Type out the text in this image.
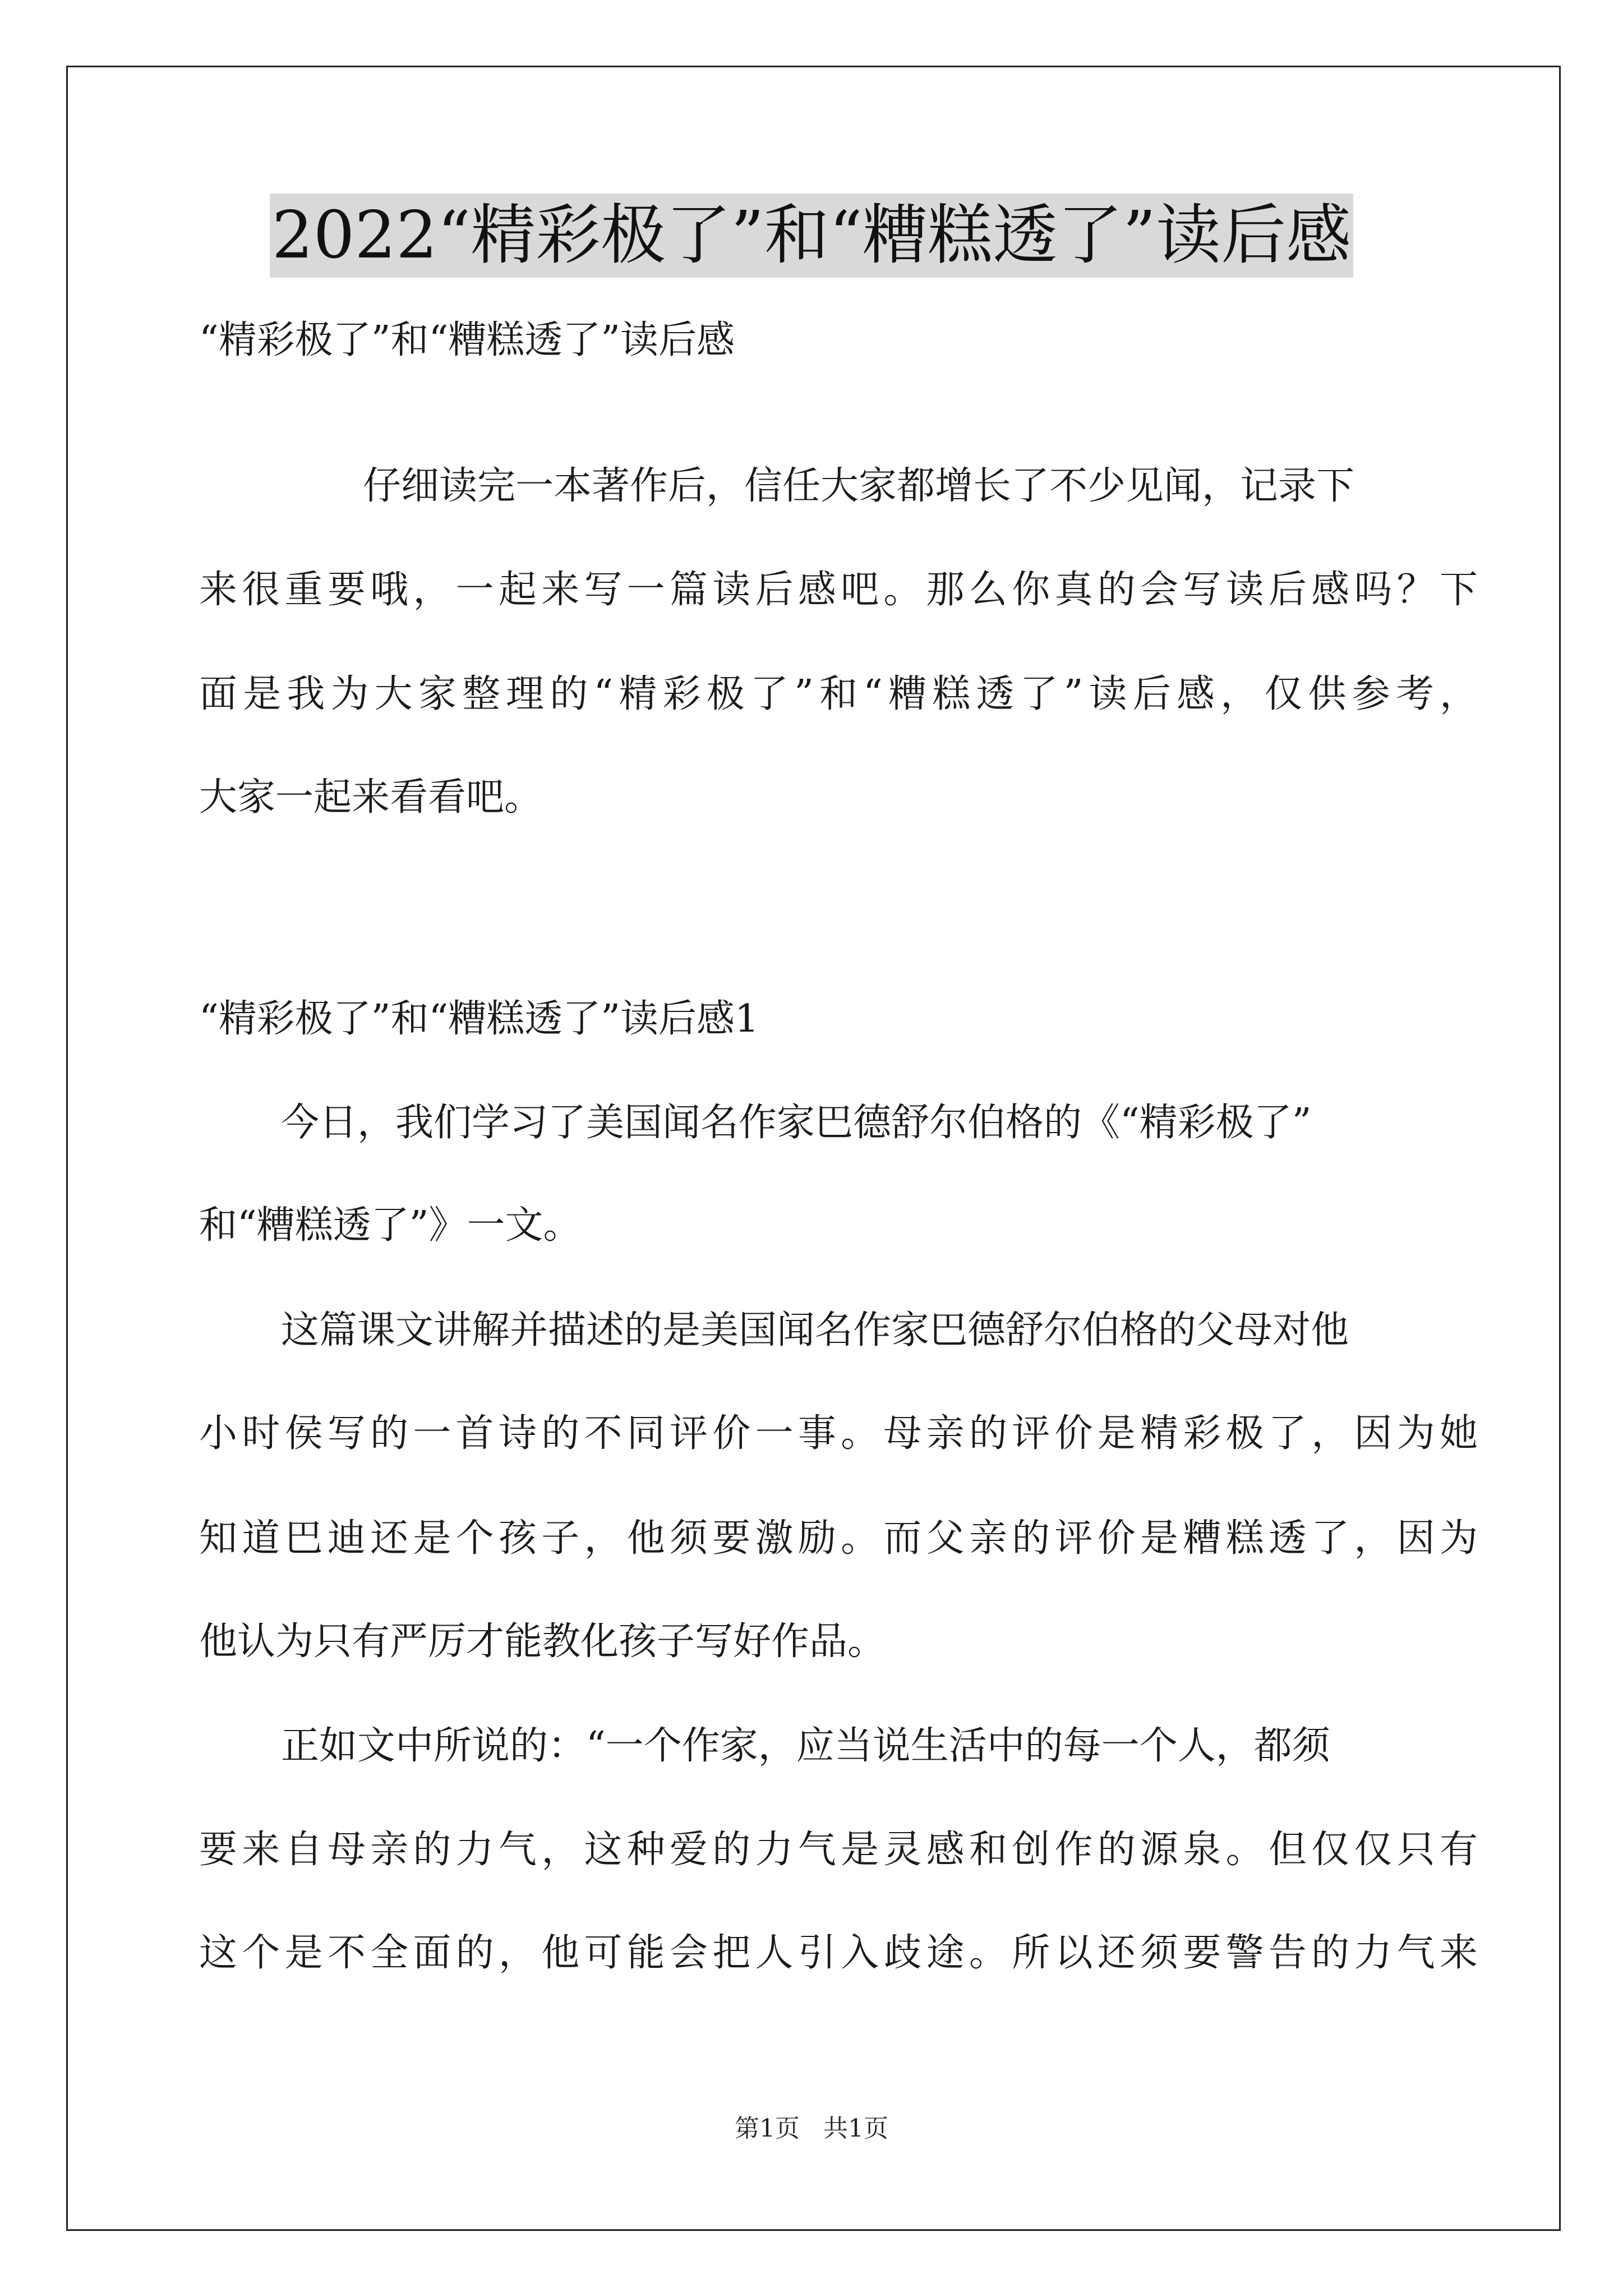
2022“精彩极了”和“糟糕透了”读后感
“精彩极了”和“糟糕透了”读后感
仔细读完一本著作后，信任大家都增长了不少见闻，记录下
来很重要哦，一起来写一篇读后感吧。那么你真的会写读后感吗？下
面是我为大家整理的“精彩极了”和“糟糕透了”读后感，仅供参考，
大家一起来看看吧。
“精彩极了”和“糟糕透了”读后感1
今日，我们学习了美国闻名作家巴德舒尔伯格的《“精彩极了”
和“糟糕透了”》一文。
这篇课文讲解并描述的是美国闻名作家巴德舒尔伯格的父母对他
小时侯写的一首诗的不同评价一事。母亲的评价是精彩极了，因为她
知道巴迪还是个孩子，他须要激励。而父亲的评价是糟糕透了，因为
他认为只有严厉才能教化孩子写好作品。
正如文中所说的：“一个作家，应当说生活中的每一个人，都须
要来自母亲的力气，这种爱的力气是灵感和创作的源泉。但仅仅只有
这个是不全面的，他可能会把人引入歧途。所以还须要警告的力气来
第1页   共1页
